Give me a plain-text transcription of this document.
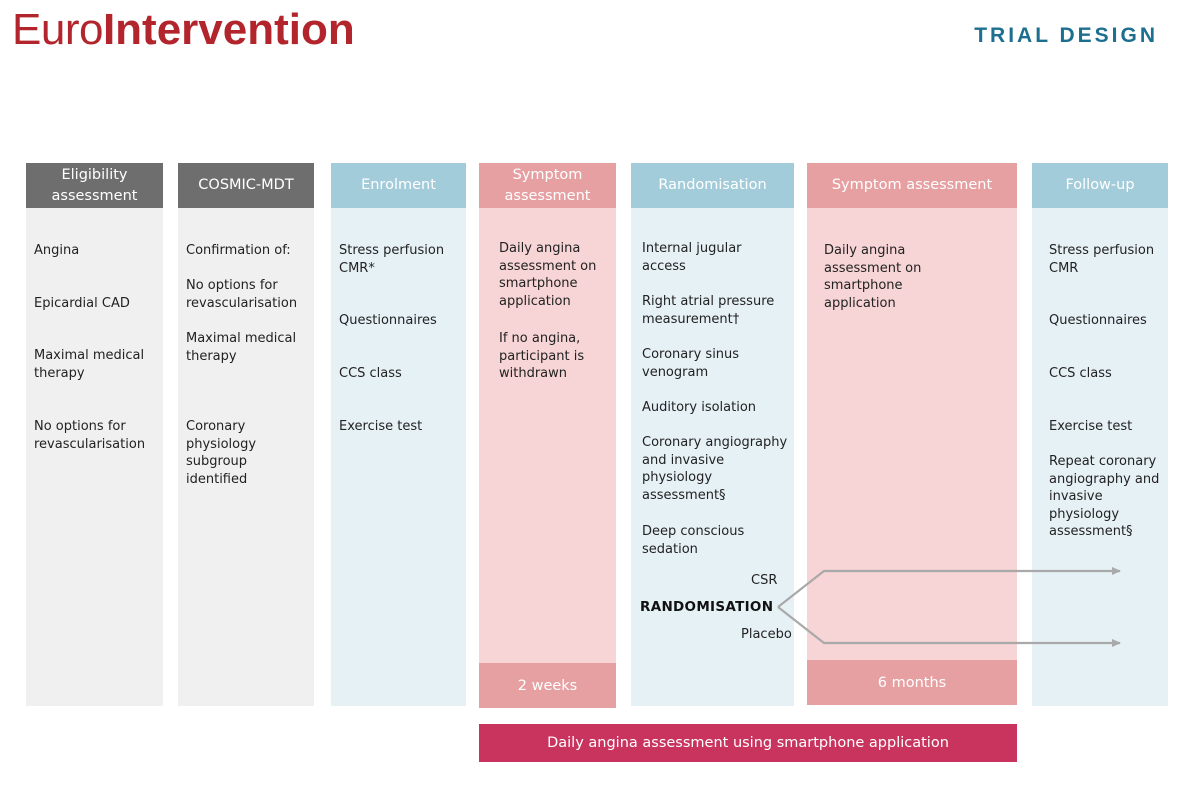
EuroIntervention	TRIAL DESIGN
Eligibility assessment
Angina
Epicardial CAD
Maximal medical therapy
No options for revascularisation
COSMIC-MDT
Confirmation of:
No options for revascularisation
Maximal medical therapy
Coronary physiology subgroup identified
Enrolment
Stress perfusion CMR*
Questionnaires
CCS class
Exercise test
Symptom assessment
Daily angina assessment on smartphone application
If no angina, participant is withdrawn
2 weeks
Randomisation
Internal jugular access
Right atrial pressure measurement†
Coronary sinus venogram
Auditory isolation
Coronary angiography and invasive physiology assessment§
Deep conscious sedation
Symptom assessment
Daily angina assessment on smartphone application
6 months
Follow-up
Stress perfusion CMR
Questionnaires
CCS class
Exercise test
Repeat coronary angiography and invasive physiology assessment§
CSR
RANDOMISATION
Placebo
Daily angina assessment using smartphone application
